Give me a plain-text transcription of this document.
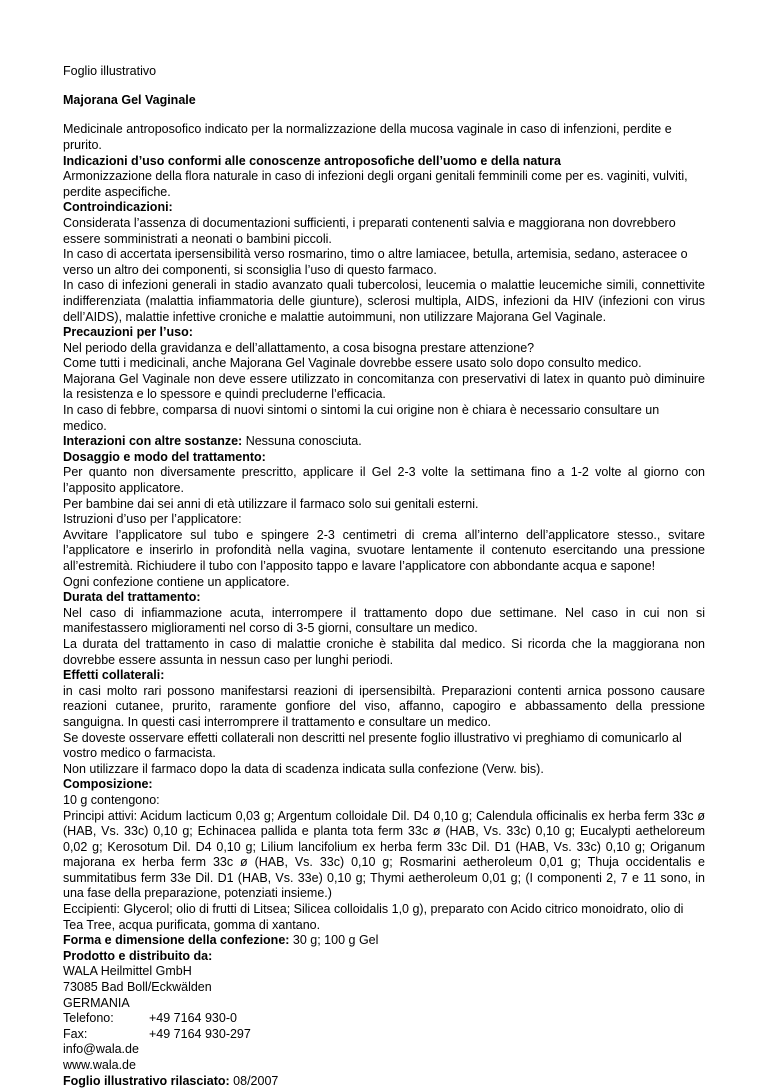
Foglio illustrativo

Majorana Gel Vaginale

Medicinale antroposofico indicato per la normalizzazione della mucosa vaginale in caso di infenzioni, perdite e prurito.

Indicazioni d’uso conformi alle conoscenze antroposofiche dell’uomo e della natura

Armonizzazione della flora naturale in caso di infezioni degli organi genitali femminili come per es. vaginiti, vulviti, perdite aspecifiche.

Controindicazioni:

Considerata l’assenza di documentazioni sufficienti, i preparati contenenti salvia e maggiorana non dovrebbero essere somministrati a neonati o bambini piccoli.

In caso di accertata ipersensibilità verso rosmarino, timo o altre lamiacee, betulla, artemisia, sedano, asteracee o verso un altro dei componenti, si sconsiglia l’uso di questo farmaco.

In caso di infezioni generali in stadio avanzato quali tubercolosi, leucemia o malattie leucemiche simili, connettivite indifferenziata (malattia infiammatoria delle giunture), sclerosi multipla, AIDS, infezioni da HIV (infezioni con virus dell’AIDS), malattie infettive croniche e malattie autoimmuni, non utilizzare Majorana Gel Vaginale.

Precauzioni per l’uso:

Nel periodo della gravidanza e dell’allattamento, a cosa bisogna prestare attenzione?

Come tutti i medicinali, anche Majorana Gel Vaginale dovrebbe essere usato solo dopo consulto medico.

Majorana Gel Vaginale non deve essere utilizzato in concomitanza con preservativi di latex in quanto può diminuire la resistenza e lo spessore e quindi precluderne l’efficacia.

In caso di febbre, comparsa di nuovi sintomi o sintomi la cui origine non è chiara è necessario consultare un medico.

Interazioni con altre sostanze: Nessuna conosciuta.

Dosaggio e modo del trattamento:

Per quanto non diversamente prescritto, applicare il Gel 2-3 volte la settimana fino a 1-2 volte al giorno con l’apposito applicatore.

Per bambine dai sei anni di età utilizzare il farmaco solo sui genitali esterni.

Istruzioni d’uso per l’applicatore:

Avvitare l’applicatore sul tubo e spingere 2-3 centimetri di crema all’interno dell’applicatore stesso., svitare l’applicatore e inserirlo in profondità nella vagina, svuotare lentamente il contenuto esercitando una pressione all’estremità. Richiudere il tubo con l’apposito tappo e lavare l’applicatore con abbondante acqua e sapone!

Ogni confezione contiene un applicatore.

Durata del trattamento:

Nel caso di infiammazione acuta, interrompere il trattamento dopo due settimane. Nel caso in cui non si manifestassero miglioramenti nel corso di 3-5 giorni, consultare un medico.

La durata del trattamento in caso di malattie croniche è stabilita dal medico. Si ricorda che la maggiorana non dovrebbe essere assunta in nessun caso per lunghi periodi.

Effetti collaterali:

in casi molto rari possono manifestarsi reazioni di ipersensibiltà. Preparazioni contenti arnica possono causare reazioni cutanee, prurito, raramente gonfiore del viso, affanno, capogiro e abbassamento della pressione sanguigna. In questi casi interromprere il trattamento e consultare un medico.

Se doveste osservare effetti collaterali non descritti nel presente foglio illustrativo vi preghiamo di comunicarlo al vostro medico o farmacista.

Non utilizzare il farmaco dopo la data di scadenza indicata sulla confezione (Verw. bis).

Composizione:

10 g contengono:

Principi attivi: Acidum lacticum 0,03 g; Argentum colloidale Dil. D4 0,10 g; Calendula officinalis ex herba ferm 33c ø (HAB, Vs. 33c) 0,10 g; Echinacea pallida e planta tota ferm 33c ø (HAB, Vs. 33c) 0,10 g; Eucalypti aetheloreum 0,02 g; Kerosotum Dil. D4 0,10 g; Lilium lancifolium ex herba ferm 33c Dil. D1 (HAB, Vs. 33c) 0,10 g; Origanum majorana ex herba ferm 33c ø (HAB, Vs. 33c) 0,10 g; Rosmarini aetheroleum 0,01 g; Thuja occidentalis e summitatibus ferm 33e Dil. D1 (HAB, Vs. 33e) 0,10 g; Thymi aetheroleum 0,01 g; (I componenti 2, 7 e 11 sono, in una fase della preparazione, potenziati insieme.)

Eccipienti: Glycerol; olio di frutti di Litsea; Silicea colloidalis 1,0 g), preparato con Acido citrico monoidrato, olio di Tea Tree, acqua purificata, gomma di xantano.

Forma e dimensione della confezione: 30 g; 100 g Gel

Prodotto e distribuito da:

WALA Heilmittel GmbH

73085 Bad Boll/Eckwälden

GERMANIA

Telefono:	+49 7164 930-0
Fax:	+49 7164 930-297

info@wala.de

www.wala.de

Foglio illustrativo rilasciato: 08/2007
